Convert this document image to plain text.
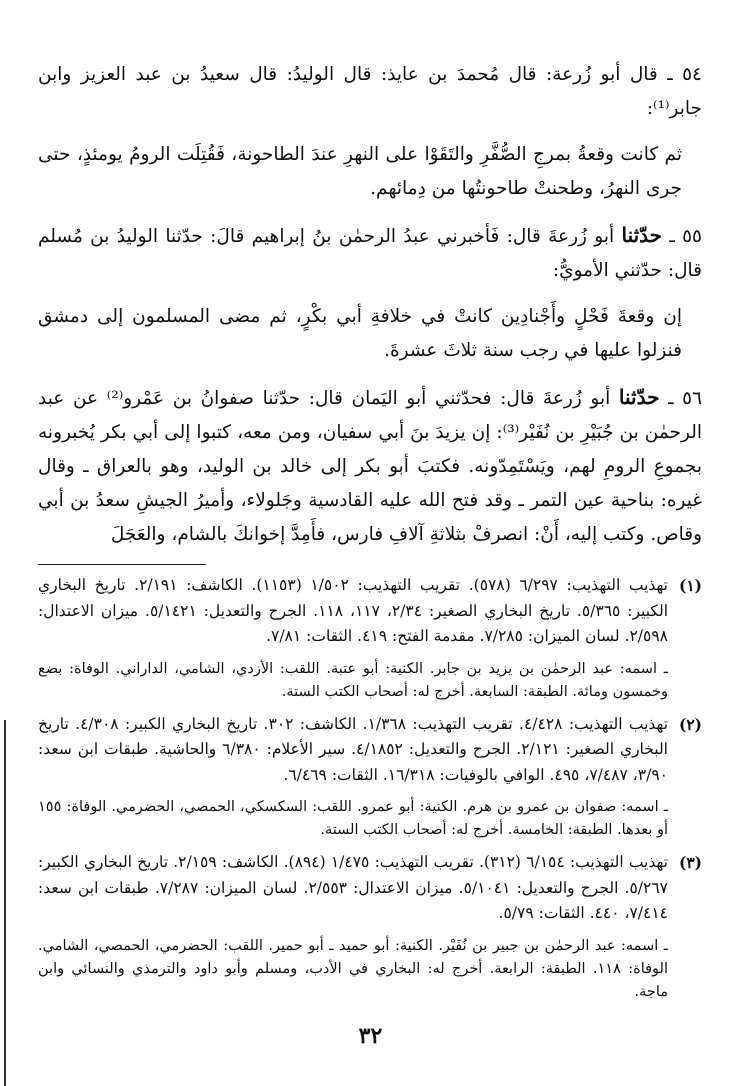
٥٤ ـ قال أبو زُرعة: قال مُحمدَ بن عايذ: قال الوليدُ: قال سعيدُ بن عبد العزيز وابن جابر⁽¹⁾:

ثم كانت وقعةُ بمرجِ الصُّفَّرِ والتَقَوْا على النهرِ عندَ الطاحونة، فَقُتِلَت الرومُ يومئذٍ، حتى جرى النهرُ، وطحنتْ طاحونتُها من دِمائهم.

٥٥ ـ حدّثنا أبو زُرعةَ قال: فَأخبرني عبدُ الرحمٰن بنُ إبراهيم قالَ: حدّثنا الوليدُ بن مُسلم قال: حدّثني الأمويُّ:

إن وقعةَ فَحْلٍ وأَجْنادِين كانتْ في خلافةِ أبي بكْرٍ، ثم مضى المسلمون إلى دمشق فنزلوا عليها في رجب سنة ثلاثَ عشرةَ.

٥٦ ـ حدّثنا أبو زُرعةَ قال: فحدّثني أبو اليَمان قال: حدّثنا صفوانُ بن عَمْرو⁽²⁾ عن عبد الرحمٰن بن جُبَيْرِ بن نُفَيْر⁽³⁾: إن يزيدَ بنَ أبي سفيان، ومن معه، كتبوا إلى أبي بكر يُخبرونه بجموعِ الرومِ لهم، ويَسْتَمِدّونه. فكتبَ أبو بكر إلى خالد بن الوليد، وهو بالعراق ـ وقال غيره: بناحية عين التمر ـ وقد فتح الله عليه القادسية وجَلولاء، وأميرُ الجيشِ سعدُ بن أبي وقاص. وكتب إليه، أَنْ: انصرفْ بثلاثةِ آلافِ فارس، فأَمِدَّ إخوانكَ بالشام، والعَجَلَ

(١)
تهذيب التهذيب: ٦/٢٩٧ (٥٧٨). تقريب التهذيب: ١/٥٠٢ (١١٥٣). الكاشف: ٢/١٩١. تاريخ البخاري الكبير: ٥/٣٦٥. تاريخ البخاري الصغير: ٢/٣٤، ١١٧، ١١٨. الجرح والتعديل: ٥/١٤٢١. ميزان الاعتدال: ٢/٥٩٨. لسان الميزان: ٧/٢٨٥. مقدمة الفتح: ٤١٩. الثقات: ٧/٨١.

ـ اسمه: عبد الرحمٰن بن يزيد بن جابر. الكنية: أبو عتبة. اللقب: الأزدي، الشامي، الداراني. الوفاة: بضع وخمسون ومائة. الطبقة: السابعة. أخرج له: أصحاب الكتب الستة.

(٢)
تهذيب التهذيب: ٤/٤٢٨. تقريب التهذيب: ١/٣٦٨. الكاشف: ٣٠٢. تاريخ البخاري الكبير: ٤/٣٠٨. تاريخ البخاري الصغير: ٢/١٢١. الجرح والتعديل: ٤/١٨٥٢. سير الأعلام: ٦/٣٨٠ والحاشية. طبقات ابن سعد: ٣/٩٠، ٧/٤٨٧، ٤٩٥. الوافي بالوفيات: ١٦/٣١٨. الثقات: ٦/٤٦٩.

ـ اسمه: صفوان بن عمرو بن هرم. الكنية: أبو عمرو. اللقب: السكسكي، الحمصي، الحضرمي. الوفاة: ١٥٥ أو بعدها. الطبقة: الخامسة. أخرج له: أصحاب الكتب الستة.

(٣)
تهذيب التهذيب: ٦/١٥٤ (٣١٢). تقريب التهذيب: ١/٤٧٥ (٨٩٤). الكاشف: ٢/١٥٩. تاريخ البخاري الكبير: ٥/٢٦٧. الجرح والتعديل: ٥/١٠٤١. ميزان الاعتدال: ٢/٥٥٣. لسان الميزان: ٧/٢٨٧. طبقات ابن سعد: ٧/٤١٤، ٤٤٠. الثقات: ٥/٧٩.

ـ اسمه: عبد الرحمٰن بن جبير بن نُفَيْر. الكنية: أبو حميد ـ أبو حمير. اللقب: الحضرمي، الحمصي، الشامي. الوفاة: ١١٨. الطبقة: الرابعة. أخرج له: البخاري في الأدب، ومسلم وأبو داود والترمذي والنسائي وابن ماجة.

٣٢
